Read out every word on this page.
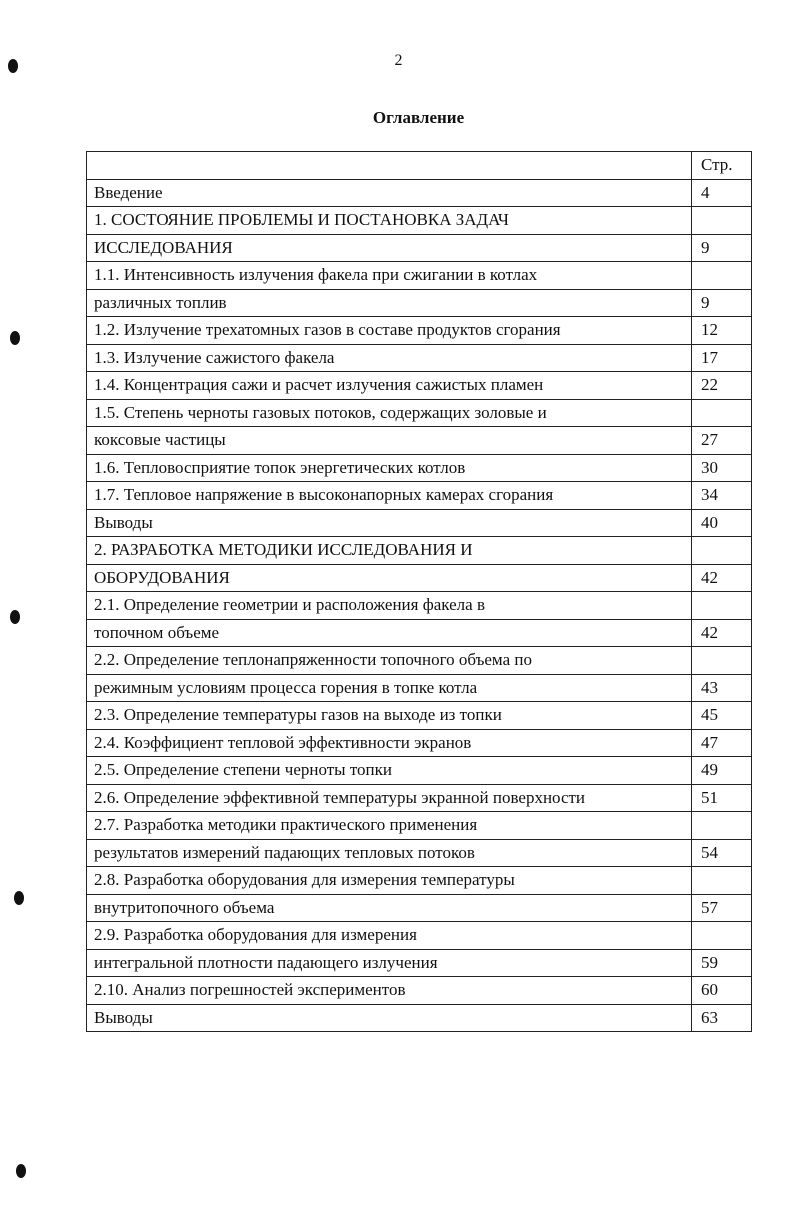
2
Оглавление
	Стр.
Введение	4
1. СОСТОЯНИЕ ПРОБЛЕМЫ И ПОСТАНОВКА ЗАДАЧ	
ИССЛЕДОВАНИЯ	9
1.1. Интенсивность излучения факела при сжигании в котлах	
различных топлив	9
1.2. Излучение трехатомных газов в составе продуктов сгорания	12
1.3. Излучение сажистого факела	17
1.4. Концентрация сажи и расчет излучения сажистых пламен	22
1.5. Степень черноты газовых потоков, содержащих золовые и	
коксовые частицы	27
1.6. Тепловосприятие топок энергетических котлов	30
1.7. Тепловое напряжение в высоконапорных камерах сгорания	34
Выводы	40
2. РАЗРАБОТКА МЕТОДИКИ ИССЛЕДОВАНИЯ И	
ОБОРУДОВАНИЯ	42
2.1. Определение геометрии и расположения факела в	
топочном объеме	42
2.2. Определение теплонапряженности топочного объема по	
режимным условиям процесса горения в топке котла	43
2.3. Определение температуры газов на выходе из топки	45
2.4. Коэффициент тепловой эффективности экранов	47
2.5. Определение степени черноты топки	49
2.6. Определение эффективной температуры экранной поверхности	51
2.7. Разработка методики практического применения	
результатов измерений падающих тепловых потоков	54
2.8. Разработка оборудования для измерения температуры	
внутритопочного объема	57
2.9. Разработка оборудования для измерения	
интегральной плотности падающего излучения	59
2.10. Анализ погрешностей экспериментов	60
Выводы	63
